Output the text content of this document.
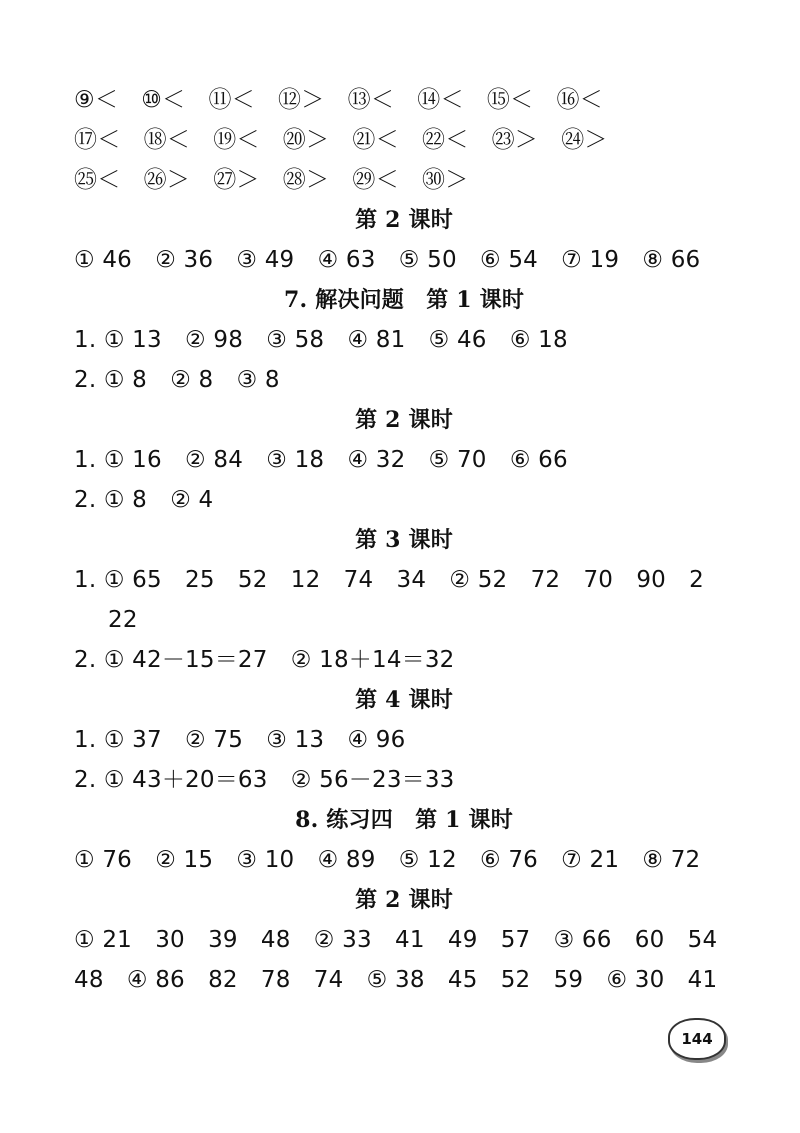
⑨＜　⑩＜　⑪＜　⑫＞　⑬＜　⑭＜　⑮＜　⑯＜
⑰＜　⑱＜　⑲＜　⑳＞　㉑＜　㉒＜　㉓＞　㉔＞
㉕＜　㉖＞　㉗＞　㉘＞　㉙＜　㉚＞
第 2 课时
① 46　② 36　③ 49　④ 63　⑤ 50　⑥ 54　⑦ 19　⑧ 66
7. 解决问题　第 1 课时
1. ① 13　② 98　③ 58　④ 81　⑤ 46　⑥ 18
2. ① 8　② 8　③ 8
第 2 课时
1. ① 16　② 84　③ 18　④ 32　⑤ 70　⑥ 66
2. ① 8　② 4
第 3 课时
1. ① 65　25　52　12　74　34　② 52　72　70　90　2
22
2. ① 42－15＝27　② 18＋14＝32
第 4 课时
1. ① 37　② 75　③ 13　④ 96
2. ① 43＋20＝63　② 56－23＝33
8. 练习四　第 1 课时
① 76　② 15　③ 10　④ 89　⑤ 12　⑥ 76　⑦ 21　⑧ 72
第 2 课时
① 21　30　39　48　② 33　41　49　57　③ 66　60　54
48　④ 86　82　78　74　⑤ 38　45　52　59　⑥ 30　41
144
